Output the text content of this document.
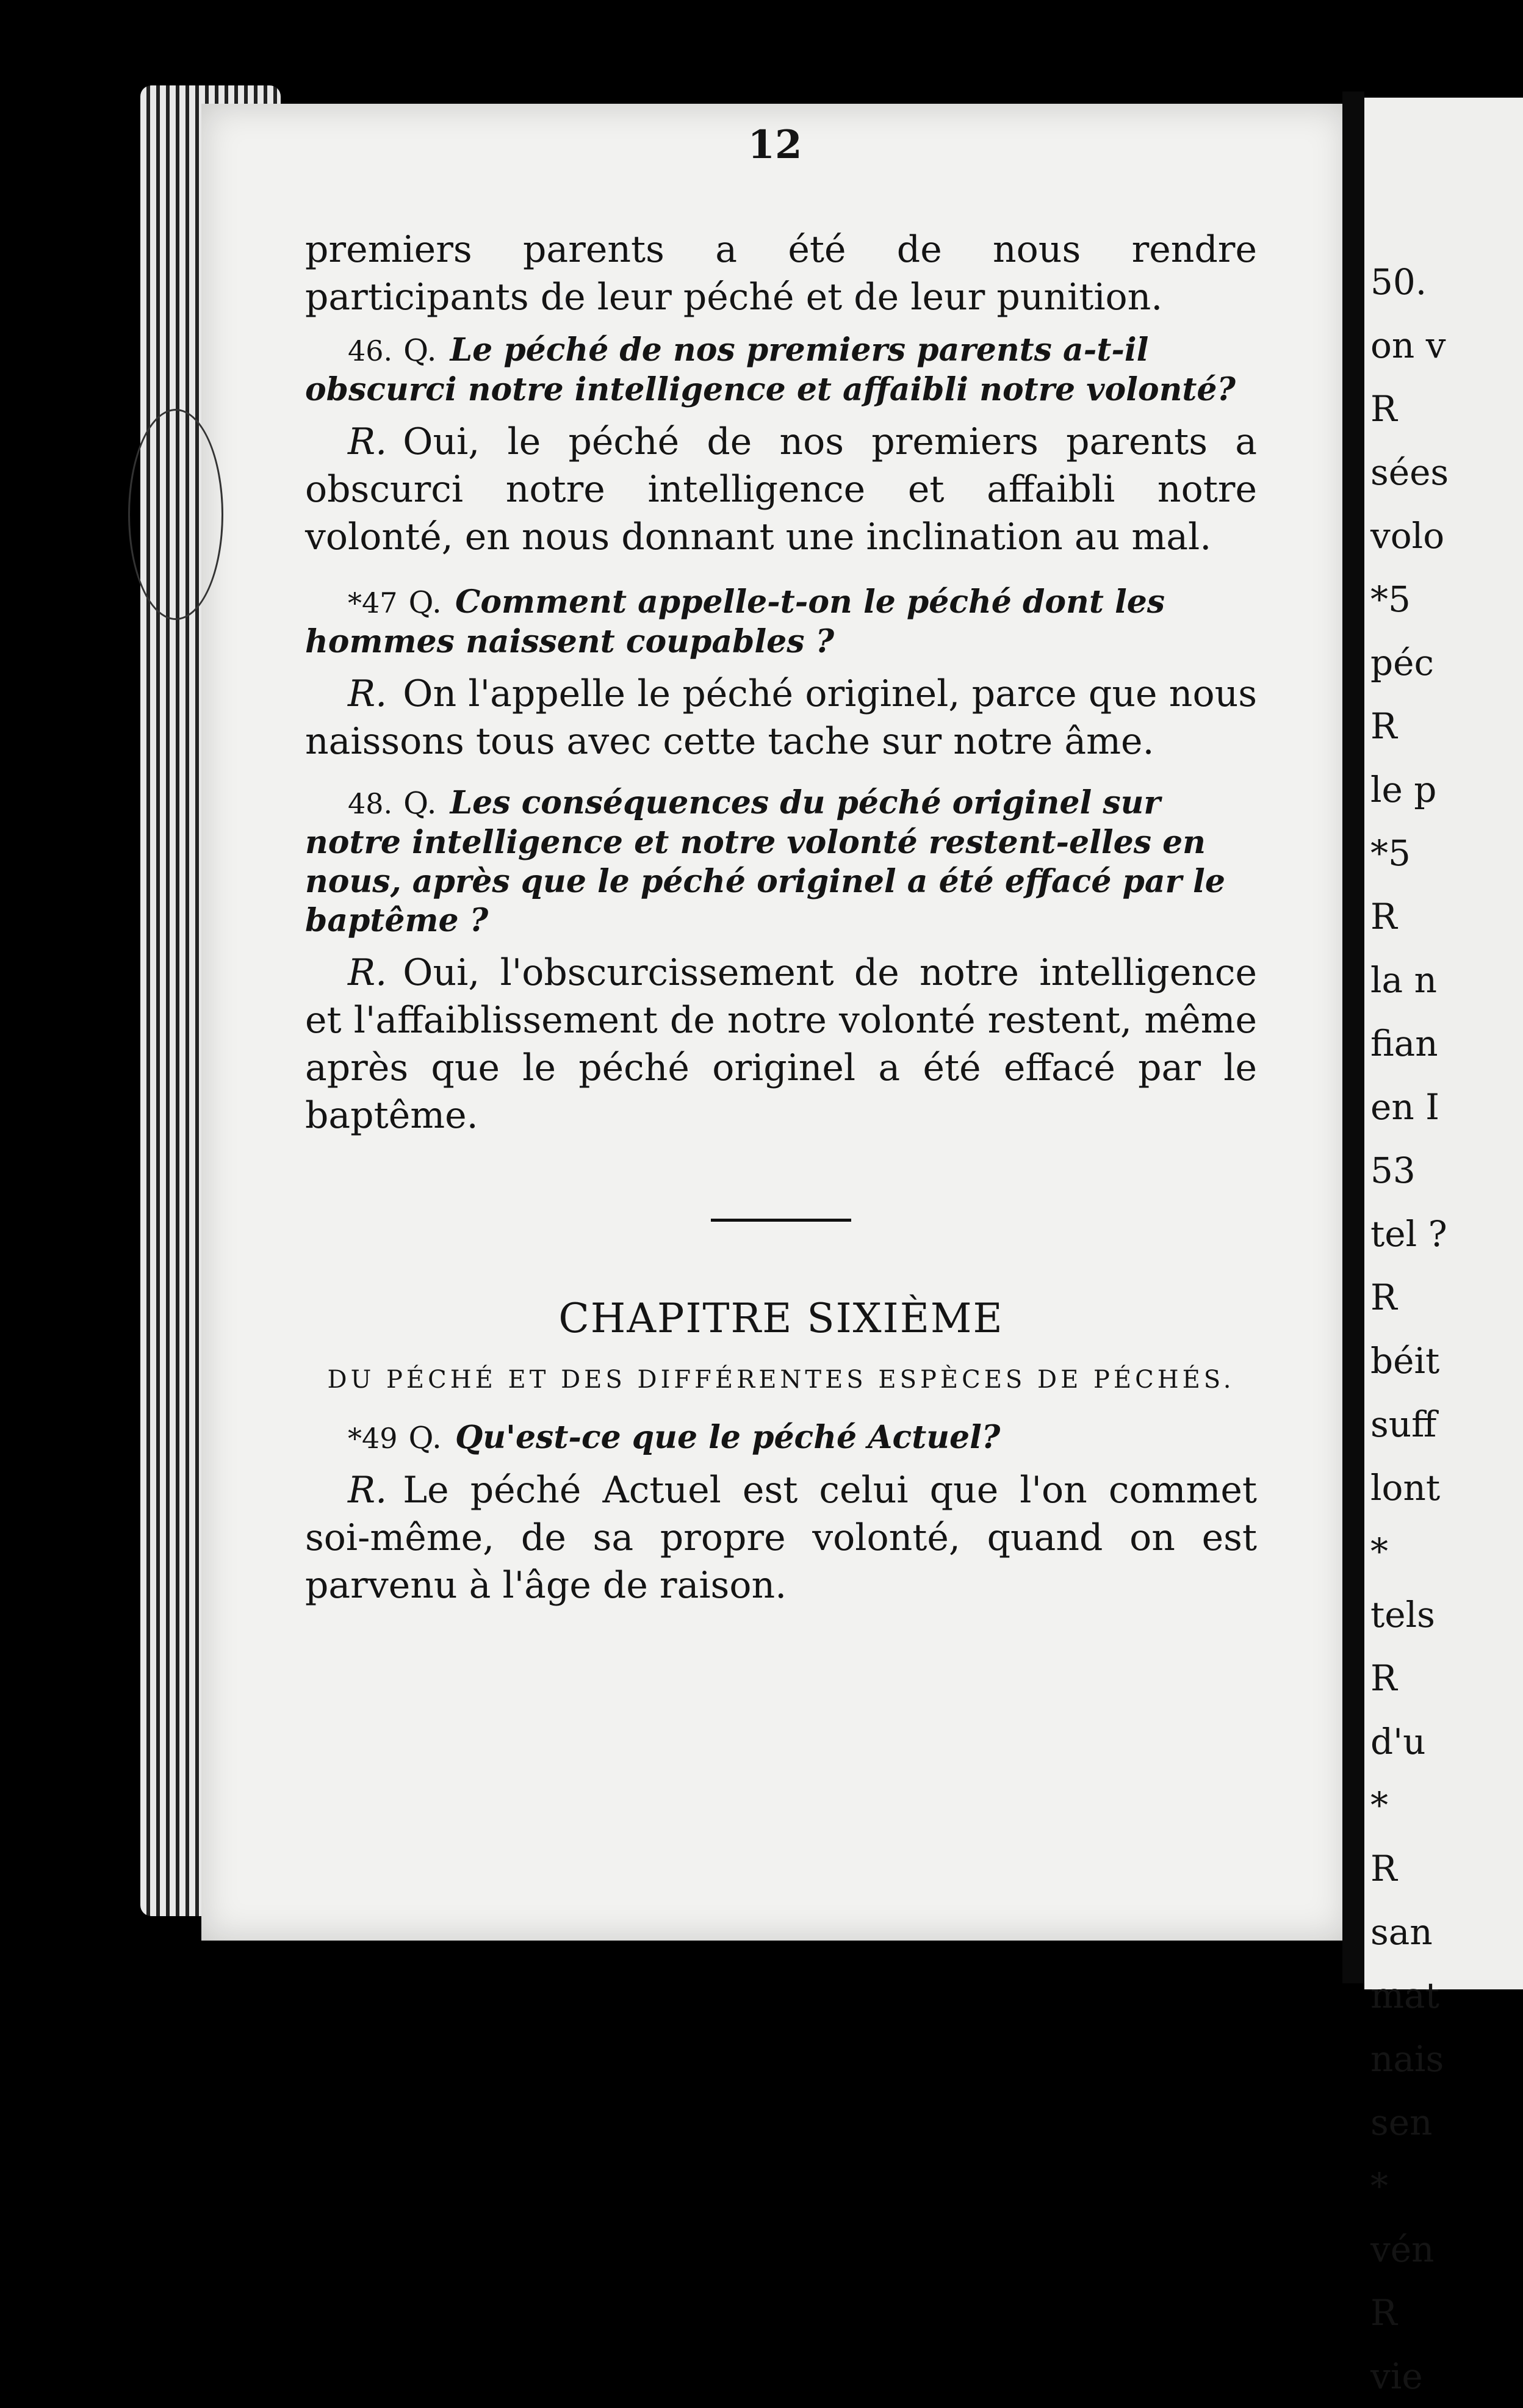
12

premiers parents a été de nous rendre participants de leur péché et de leur punition.

46. Q. Le péché de nos premiers parents a-t-il obscurci notre intelligence et affaibli notre volonté?

R. Oui, le péché de nos premiers parents a obscurci notre intelligence et affaibli notre volonté, en nous donnant une inclination au mal.

*47 Q. Comment appelle-t-on le péché dont les hommes naissent coupables ?

R. On l'appelle le péché originel, parce que nous naissons tous avec cette tache sur notre âme.

48. Q. Les conséquences du péché originel sur notre intelligence et notre volonté restent-elles en nous, après que le péché originel a été effacé par le baptême ?

R. Oui, l'obscurcissement de notre intelligence et l'affaiblissement de notre volonté restent, même après que le péché originel a été effacé par le baptême.

CHAPITRE SIXIÈME

DU PÉCHÉ ET DES DIFFÉRENTES ESPÈCES DE PÉCHÉS.

*49 Q. Qu'est-ce que le péché Actuel?

R. Le péché Actuel est celui que l'on commet soi-même, de sa propre volonté, quand on est parvenu à l'âge de raison.

50.
on v
R
sées
volo
*5
péc
R
le p
*5
R
la n
fian
en I
53
tel ?
R
béit
suff
lont
*
tels
R
d'u
*
R
san
mat
nais
sen
*
vén
R
vie
